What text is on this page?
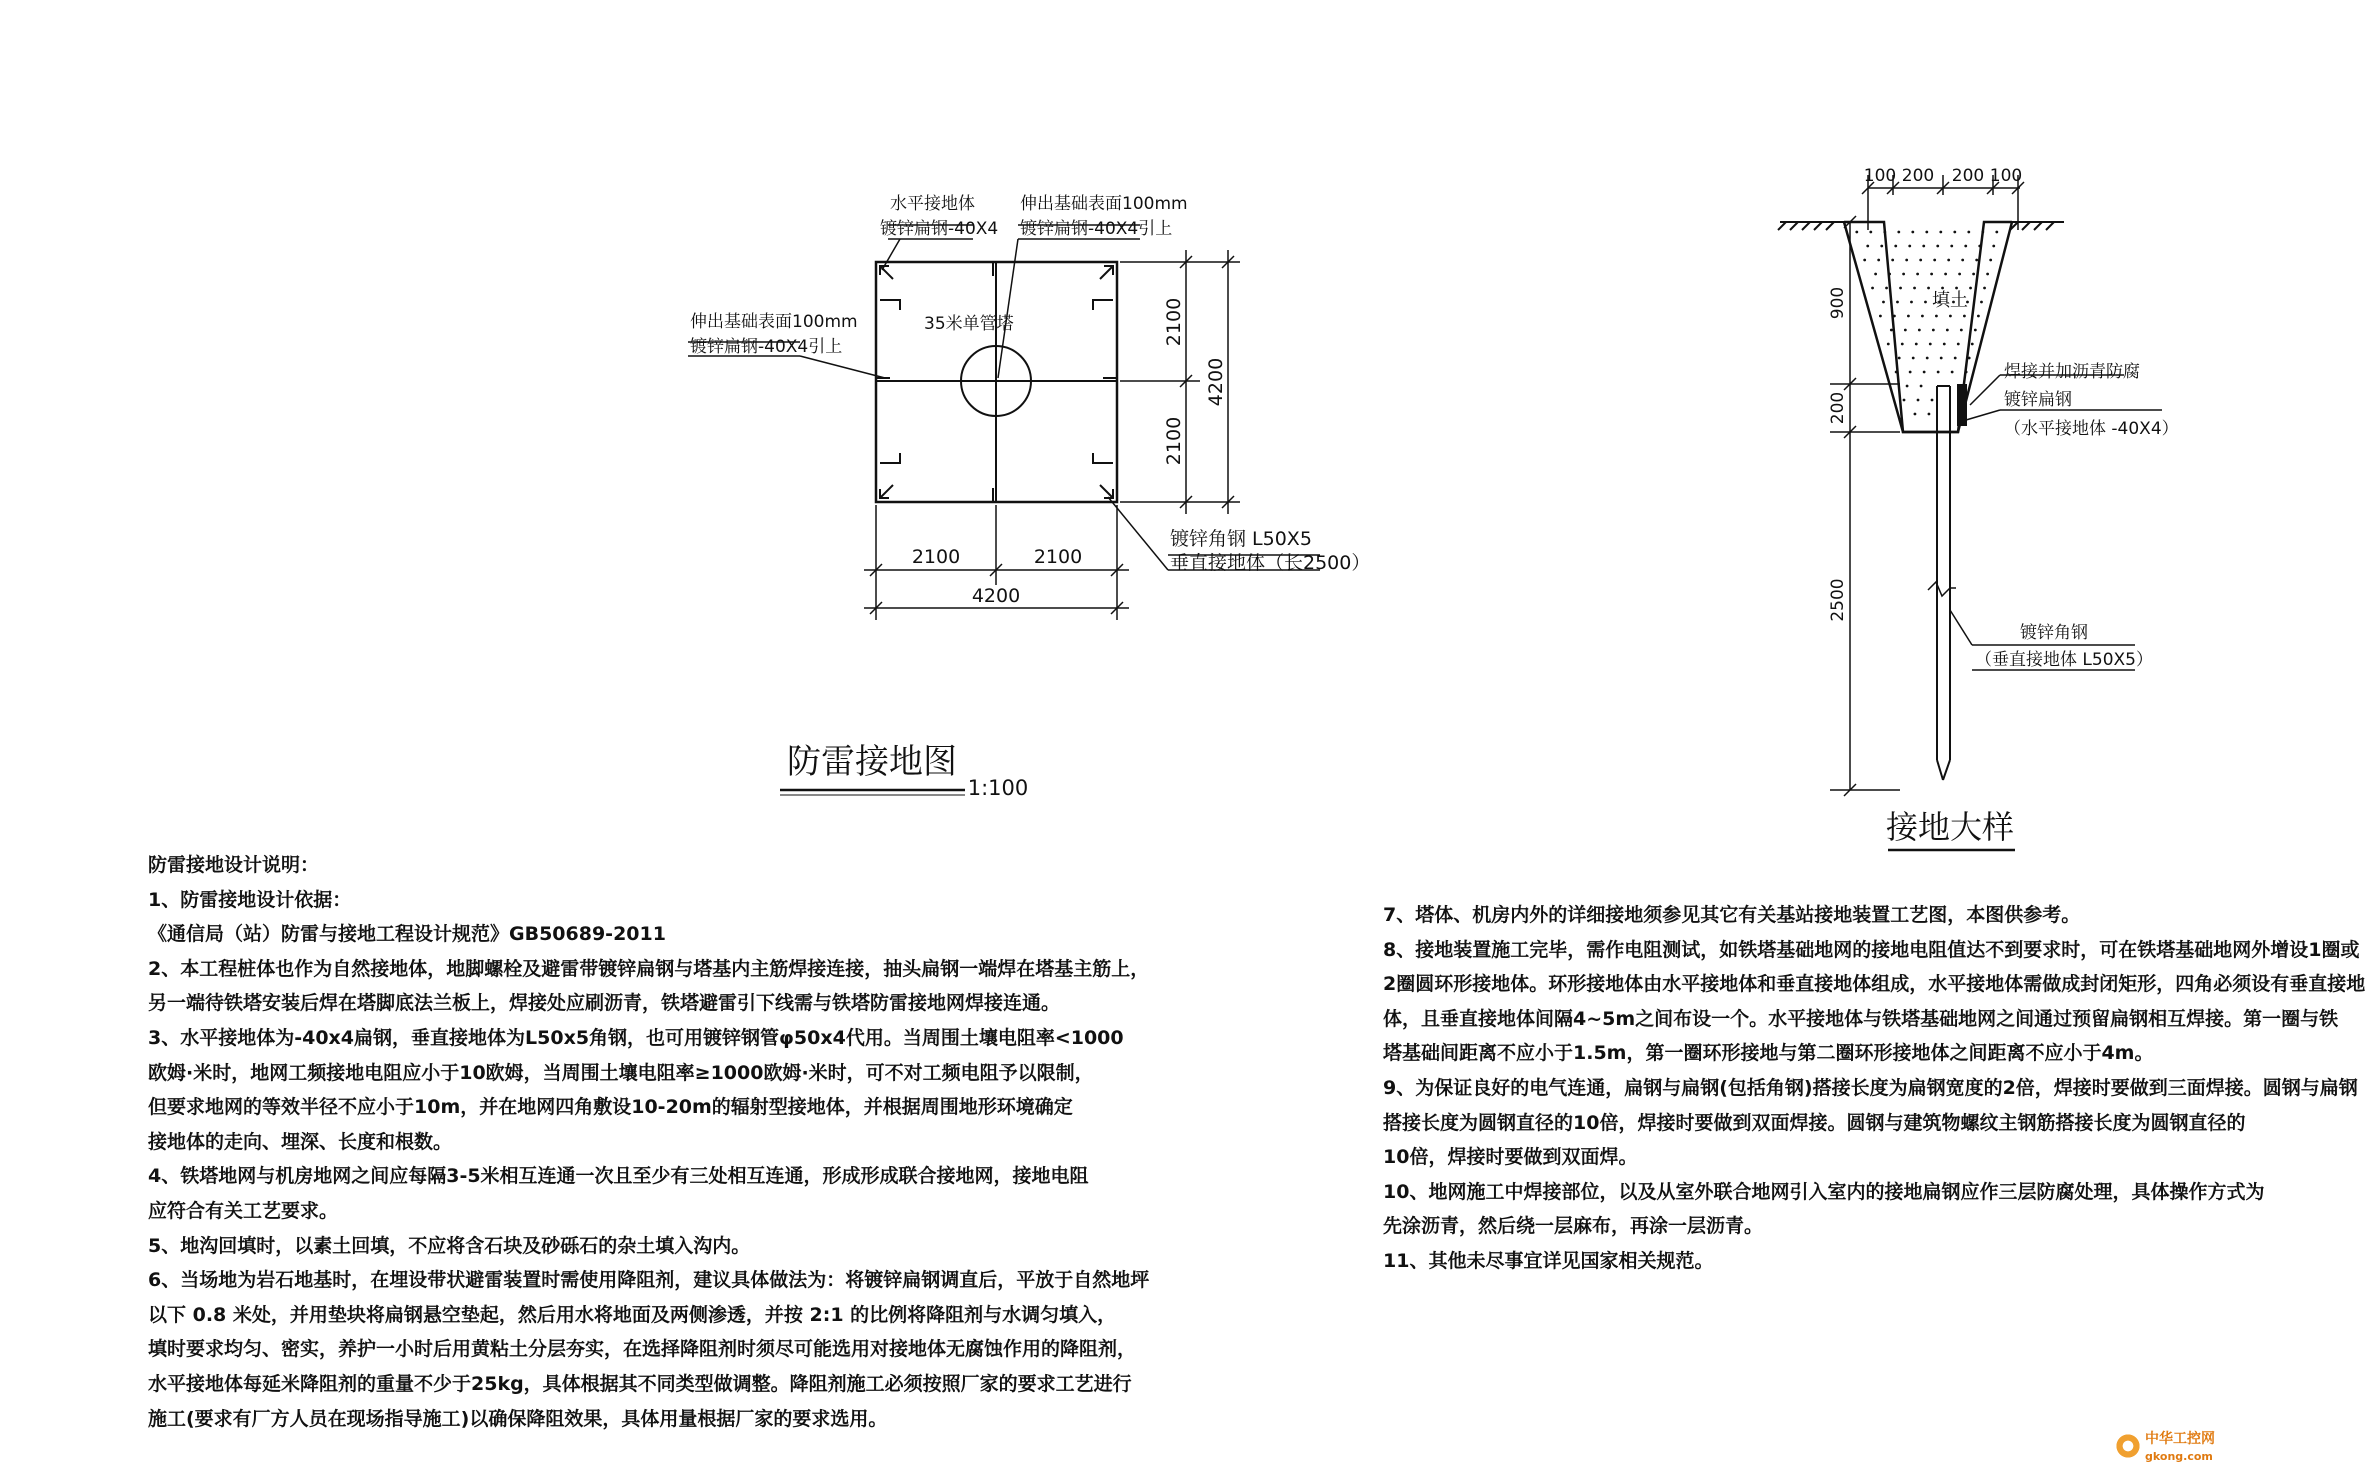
水平接地体
镀锌扁钢-40X4
伸出基础表面100mm
镀锌扁钢-40X4引上
伸出基础表面100mm
镀锌扁钢-40X4引上
35米单管塔
镀锌角钢 L50X5
垂直接地体（长2500）
2100
2100
4200
2100	2100
4200
防雷接地图
1:100
100 200 200 100
900
200
2500
填土
焊接并加沥青防腐
镀锌扁钢
（水平接地体 -40X4）
镀锌角钢
（垂直接地体 L50X5）
接地大样
防雷接地设计说明：
1、防雷接地设计依据：
《通信局（站）防雷与接地工程设计规范》GB50689-2011
2、本工程桩体也作为自然接地体，地脚螺栓及避雷带镀锌扁钢与塔基内主筋焊接连接，抽头扁钢一端焊在塔基主筋上，
另一端待铁塔安装后焊在塔脚底法兰板上，焊接处应刷沥青，铁塔避雷引下线需与铁塔防雷接地网焊接连通。
3、水平接地体为-40x4扁钢，垂直接地体为L50x5角钢，也可用镀锌钢管φ50x4代用。当周围土壤电阻率<1000
欧姆·米时，地网工频接地电阻应小于10欧姆，当周围土壤电阻率≥1000欧姆·米时，可不对工频电阻予以限制，
但要求地网的等效半径不应小于10m，并在地网四角敷设10-20m的辐射型接地体，并根据周围地形环境确定
接地体的走向、埋深、长度和根数。
4、铁塔地网与机房地网之间应每隔3-5米相互连通一次且至少有三处相互连通，形成形成联合接地网，接地电阻
应符合有关工艺要求。
5、地沟回填时，以素土回填，不应将含石块及砂砾石的杂土填入沟内。
6、当场地为岩石地基时，在埋设带状避雷装置时需使用降阻剂，建议具体做法为：将镀锌扁钢调直后，平放于自然地坪
以下 0.8 米处，并用垫块将扁钢悬空垫起，然后用水将地面及两侧渗透，并按 2:1 的比例将降阻剂与水调匀填入，
填时要求均匀、密实，养护一小时后用黄粘土分层夯实，在选择降阻剂时须尽可能选用对接地体无腐蚀作用的降阻剂，
水平接地体每延米降阻剂的重量不少于25kg，具体根据其不同类型做调整。降阻剂施工必须按照厂家的要求工艺进行
施工(要求有厂方人员在现场指导施工)以确保降阻效果，具体用量根据厂家的要求选用。
7、塔体、机房内外的详细接地须参见其它有关基站接地装置工艺图，本图供参考。
8、接地装置施工完毕，需作电阻测试，如铁塔基础地网的接地电阻值达不到要求时，可在铁塔基础地网外增设1圈或
2圈圆环形接地体。环形接地体由水平接地体和垂直接地体组成，水平接地体需做成封闭矩形，四角必须设有垂直接地
体，且垂直接地体间隔4~5m之间布设一个。水平接地体与铁塔基础地网之间通过预留扁钢相互焊接。第一圈与铁
塔基础间距离不应小于1.5m，第一圈环形接地与第二圈环形接地体之间距离不应小于4m。
9、为保证良好的电气连通，扁钢与扁钢(包括角钢)搭接长度为扁钢宽度的2倍，焊接时要做到三面焊接。圆钢与扁钢
搭接长度为圆钢直径的10倍，焊接时要做到双面焊接。圆钢与建筑物螺纹主钢筋搭接长度为圆钢直径的
10倍，焊接时要做到双面焊。
10、地网施工中焊接部位，以及从室外联合地网引入室内的接地扁钢应作三层防腐处理，具体操作方式为
先涂沥青，然后绕一层麻布，再涂一层沥青。
11、其他未尽事宜详见国家相关规范。
中华工控网
gkong.com
